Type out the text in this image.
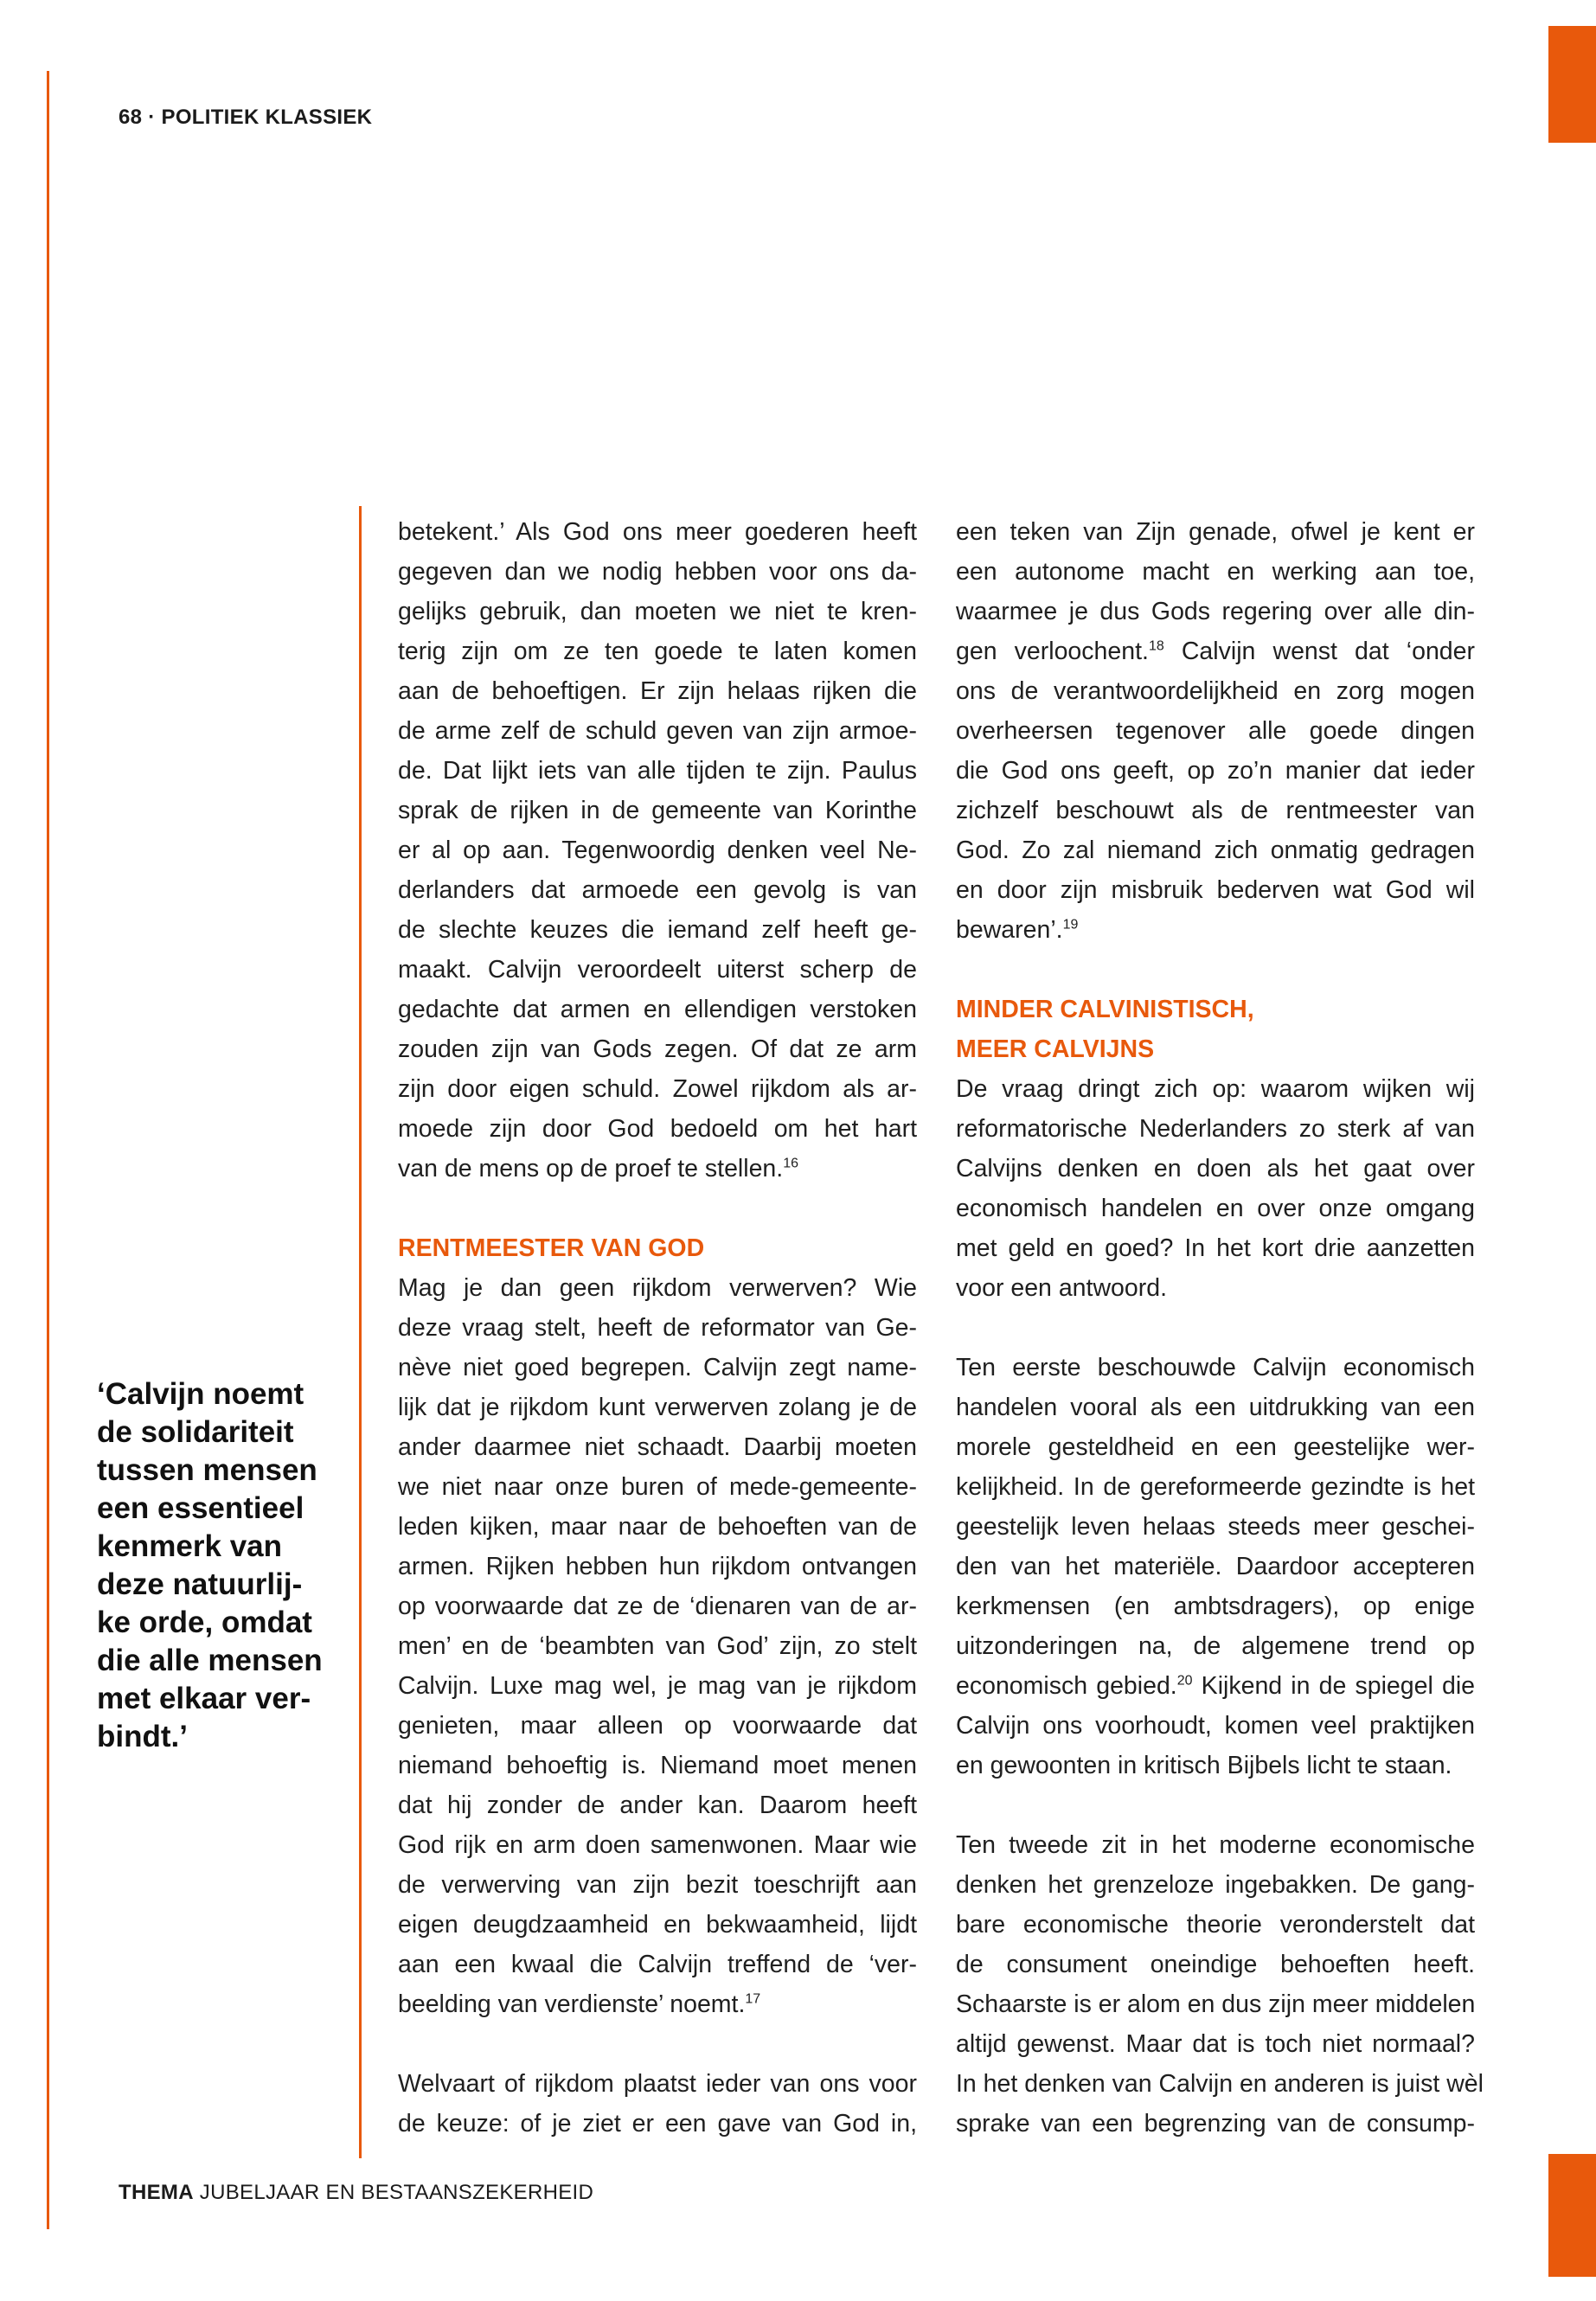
68 · POLITIEK KLASSIEK
‘Calvijn noemt
de solidariteit
tussen mensen
een essentieel
kenmerk van
deze natuurlij-
ke orde, omdat
die alle mensen
met elkaar ver-
bindt.’
betekent.’ Als God ons meer goederen heeft
gegeven dan we nodig hebben voor ons da-
gelijks gebruik, dan moeten we niet te kren-
terig zijn om ze ten goede te laten komen
aan de behoeftigen. Er zijn helaas rijken die
de arme zelf de schuld geven van zijn armoe-
de. Dat lijkt iets van alle tijden te zijn. Paulus
sprak de rijken in de gemeente van Korinthe
er al op aan. Tegenwoordig denken veel Ne-
derlanders dat armoede een gevolg is van
de slechte keuzes die iemand zelf heeft ge-
maakt. Calvijn veroordeelt uiterst scherp de
gedachte dat armen en ellendigen verstoken
zouden zijn van Gods zegen. Of dat ze arm
zijn door eigen schuld. Zowel rijkdom als ar-
moede zijn door God bedoeld om het hart
van de mens op de proef te stellen.$^{16}$
RENTMEESTER VAN GOD
Mag je dan geen rijkdom verwerven? Wie
deze vraag stelt, heeft de reformator van Ge-
nève niet goed begrepen. Calvijn zegt name-
lijk dat je rijkdom kunt verwerven zolang je de
ander daarmee niet schaadt. Daarbij moeten
we niet naar onze buren of mede-gemeente-
leden kijken, maar naar de behoeften van de
armen. Rijken hebben hun rijkdom ontvangen
op voorwaarde dat ze de ‘dienaren van de ar-
men’ en de ‘beambten van God’ zijn, zo stelt
Calvijn. Luxe mag wel, je mag van je rijkdom
genieten, maar alleen op voorwaarde dat
niemand behoeftig is. Niemand moet menen
dat hij zonder de ander kan. Daarom heeft
God rijk en arm doen samenwonen. Maar wie
de verwerving van zijn bezit toeschrijft aan
eigen deugdzaamheid en bekwaamheid, lijdt
aan een kwaal die Calvijn treffend de ‘ver-
beelding van verdienste’ noemt.$^{17}$
Welvaart of rijkdom plaatst ieder van ons voor
de keuze: of je ziet er een gave van God in,
een teken van Zijn genade, ofwel je kent er
een autonome macht en werking aan toe,
waarmee je dus Gods regering over alle din-
gen verloochent.$^{18}$ Calvijn wenst dat ‘onder
ons de verantwoordelijkheid en zorg mogen
overheersen tegenover alle goede dingen
die God ons geeft, op zo’n manier dat ieder
zichzelf beschouwt als de rentmeester van
God. Zo zal niemand zich onmatig gedragen
en door zijn misbruik bederven wat God wil
bewaren’.$^{19}$
MINDER CALVINISTISCH,
MEER CALVIJNS
De vraag dringt zich op: waarom wijken wij
reformatorische Nederlanders zo sterk af van
Calvijns denken en doen als het gaat over
economisch handelen en over onze omgang
met geld en goed? In het kort drie aanzetten
voor een antwoord.
Ten eerste beschouwde Calvijn economisch
handelen vooral als een uitdrukking van een
morele gesteldheid en een geestelijke wer-
kelijkheid. In de gereformeerde gezindte is het
geestelijk leven helaas steeds meer geschei-
den van het materiële. Daardoor accepteren
kerkmensen (en ambtsdragers), op enige
uitzonderingen na, de algemene trend op
economisch gebied.$^{20}$ Kijkend in de spiegel die
Calvijn ons voorhoudt, komen veel praktijken
en gewoonten in kritisch Bijbels licht te staan.
Ten tweede zit in het moderne economische
denken het grenzeloze ingebakken. De gang-
bare economische theorie veronderstelt dat
de consument oneindige behoeften heeft.
Schaarste is er alom en dus zijn meer middelen
altijd gewenst. Maar dat is toch niet normaal?
In het denken van Calvijn en anderen is juist wèl
sprake van een begrenzing van de consump-
THEMA JUBELJAAR EN BESTAANSZEKERHEID
